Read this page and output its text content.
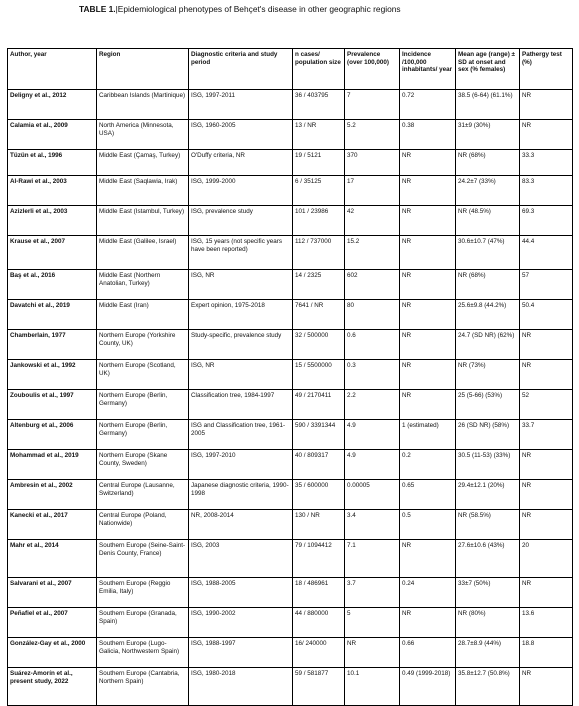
TABLE 1.|Epidemiological phenotypes of Behçet's disease in other geographic regions
Author, year	Region	Diagnostic criteria and study period	n cases/ population size	Prevalence (over 100,000)	Incidence /100,000 inhabitants/ year	Mean age (range) ± SD at onset and sex (% females)	Pathergy test (%)
Deligny et al., 2012	Caribbean Islands (Martinique)	ISG, 1997-2011	36 / 403795	7	0.72	38.5 (6-64) (61.1%)	NR
Calamia et al., 2009	North America (Minnesota, USA)	ISG, 1960-2005	13 / NR	5.2	0.38	31±9 (30%)	NR
Tüzün et al., 1996	Middle East (Çamaş, Turkey)	O'Duffy criteria, NR	19 / 5121	370	NR	NR (68%)	33.3
Al-Rawi et al., 2003	Middle East (Saqlawia, Irak)	ISG, 1999-2000	6 / 35125	17	NR	24.2±7 (33%)	83.3
Azizlerli et al., 2003	Middle East (Istambul, Turkey)	ISG, prevalence study	101 / 23986	42	NR	NR (48.5%)	69.3
Krause et al., 2007	Middle East (Galilee, Israel)	ISG, 15 years (not specific years have been reported)	112 / 737000	15.2	NR	30.6±10.7 (47%)	44.4
Baş et al., 2016	Middle East (Northern Anatolian, Turkey)	ISG, NR	14 / 2325	602	NR	NR (68%)	57
Davatchi et al., 2019	Middle East (Iran)	Expert opinion, 1975-2018	7641 / NR	80	NR	25.6±9.8 (44.2%)	50.4
Chamberlain, 1977	Northern Europe (Yorkshire County, UK)	Study-specific, prevalence study	32 / 500000	0.6	NR	24.7 (SD NR) (62%)	NR
Jankowski et al., 1992	Northern Europe (Scotland, UK)	ISG, NR	15 / 5500000	0.3	NR	NR (73%)	NR
Zouboulis et al., 1997	Northern Europe (Berlin, Germany)	Classification tree, 1984-1997	49 / 2170411	2.2	NR	25 (5-66) (53%)	52
Altenburg et al., 2006	Northern Europe (Berlin, Germany)	ISG and Classification tree, 1961-2005	590 / 3391344	4.9	1 (estimated)	26 (SD NR) (58%)	33.7
Mohammad et al., 2019	Northern Europe (Skane County, Sweden)	ISG, 1997-2010	40 / 809317	4.9	0.2	30.5 (11-53) (33%)	NR
Ambresin et al., 2002	Central Europe (Lausanne, Switzerland)	Japanese diagnostic criteria, 1990-1998	35 / 600000	0.00005	0.65	29.4±12.1 (20%)	NR
Kanecki et al., 2017	Central Europe (Poland, Nationwide)	NR, 2008-2014	130 / NR	3.4	0.5	NR (58.5%)	NR
Mahr et al., 2014	Southern Europe (Seine-Saint-Denis County, France)	ISG, 2003	79 / 1094412	7.1	NR	27.6±10.6 (43%)	20
Salvarani et al., 2007	Southern Europe (Reggio Emilia, Italy)	ISG, 1988-2005	18 / 486961	3.7	0.24	33±7 (50%)	NR
Peñafiel et al., 2007	Southern Europe (Granada, Spain)	ISG, 1990-2002	44 / 880000	5	NR	NR (80%)	13.6
González-Gay et al., 2000	Southern Europe (Lugo-Galicia, Northwestern Spain)	ISG, 1988-1997	16/ 240000	NR	0.66	28.7±8.9 (44%)	18.8
Suárez-Amorín et al., present study, 2022	Southern Europe (Cantabria, Northern Spain)	ISG, 1980-2018	59 / 581877	10.1	0.49 (1999-2018)	35.8±12.7 (50.8%)	NR
